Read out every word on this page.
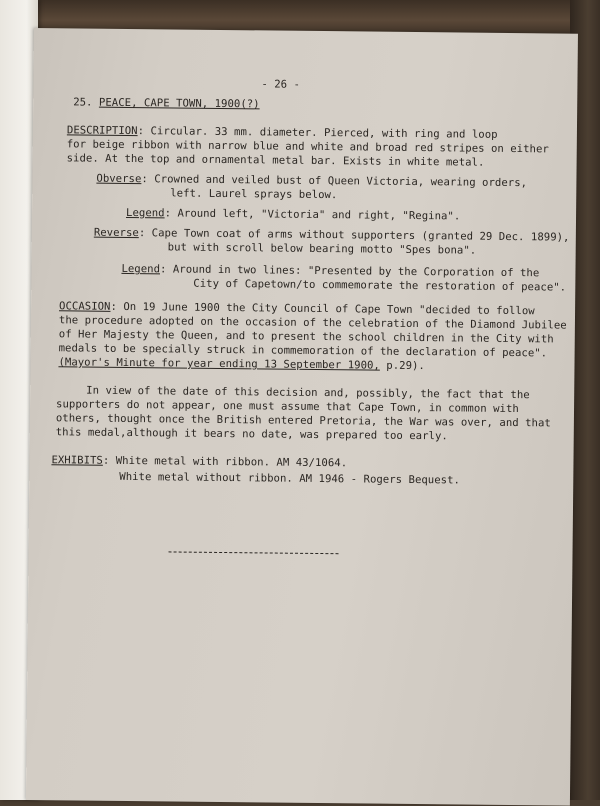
- 26 -
25. PEACE, CAPE TOWN, 1900(?)
DESCRIPTION: Circular. 33 mm. diameter. Pierced, with ring and loop
for beige ribbon with narrow blue and white and broad red stripes on either
side. At the top and ornamental metal bar. Exists in white metal.
Obverse: Crowned and veiled bust of Queen Victoria, wearing orders,
left. Laurel sprays below.
Legend: Around left, "Victoria" and right, "Regina".
Reverse: Cape Town coat of arms without supporters (granted 29 Dec. 1899),
but with scroll below bearing motto "Spes bona".
Legend: Around in two lines: "Presented by the Corporation of the
City of Capetown/to commemorate the restoration of peace".
OCCASION: On 19 June 1900 the City Council of Cape Town "decided to follow
the procedure adopted on the occasion of the celebration of the Diamond Jubilee
of Her Majesty the Queen, and to present the school children in the City with
medals to be specially struck in commemoration of the declaration of peace".
(Mayor's Minute for year ending 13 September 1900, p.29).
In view of the date of this decision and, possibly, the fact that the
supporters do not appear, one must assume that Cape Town, in common with
others, thought once the British entered Pretoria, the War was over, and that
this medal,although it bears no date, was prepared too early.
EXHIBITS: White metal with ribbon. AM 43/1064.
White metal without ribbon. AM 1946 - Rogers Bequest.
